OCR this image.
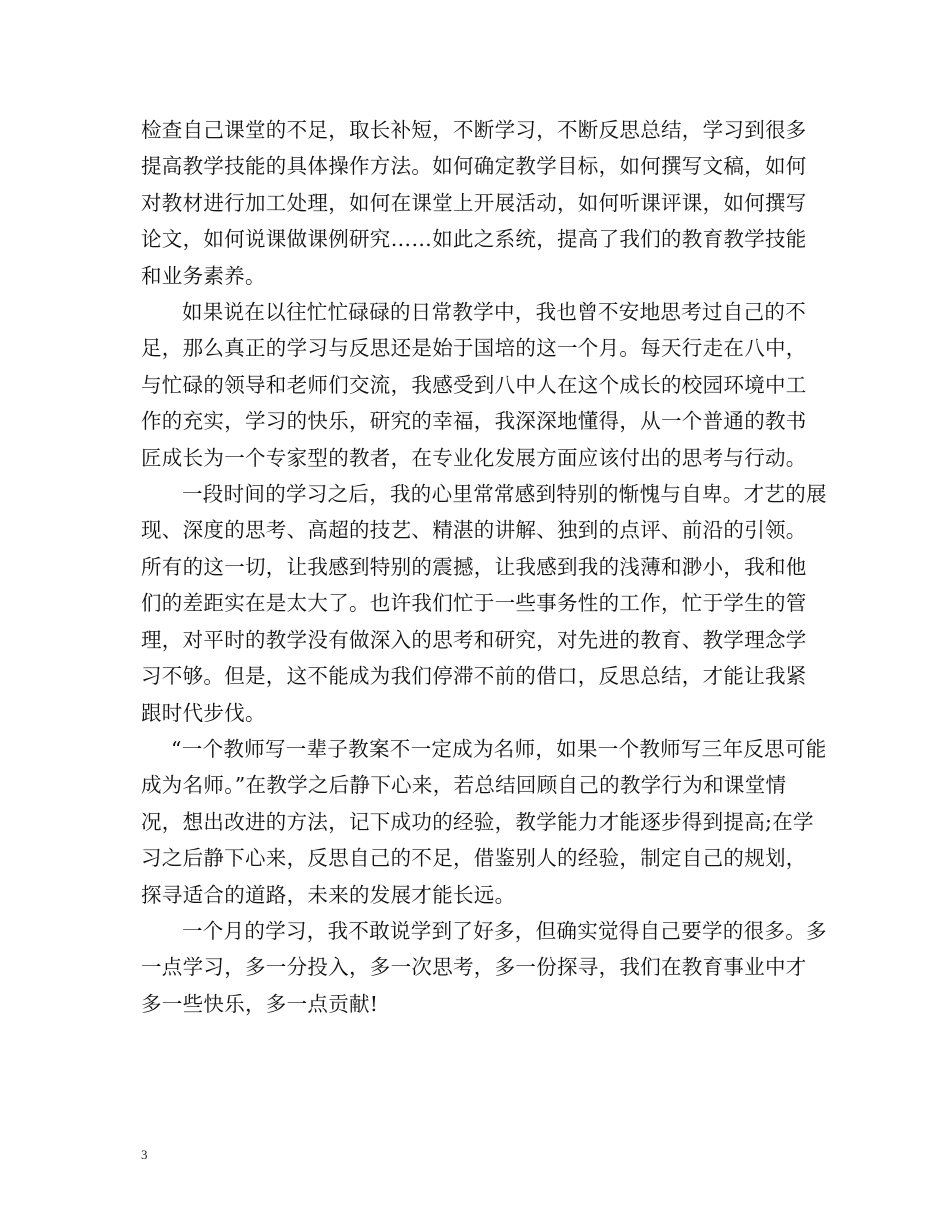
检查自己课堂的不足，取长补短，不断学习，不断反思总结，学习到很多提高教学技能的具体操作方法。如何确定教学目标，如何撰写文稿，如何对教材进行加工处理，如何在课堂上开展活动，如何听课评课，如何撰写论文，如何说课做课例研究……如此之系统，提高了我们的教育教学技能和业务素养。

如果说在以往忙忙碌碌的日常教学中，我也曾不安地思考过自己的不足，那么真正的学习与反思还是始于国培的这一个月。每天行走在八中，与忙碌的领导和老师们交流，我感受到八中人在这个成长的校园环境中工作的充实，学习的快乐，研究的幸福，我深深地懂得，从一个普通的教书匠成长为一个专家型的教者，在专业化发展方面应该付出的思考与行动。

一段时间的学习之后，我的心里常常感到特别的惭愧与自卑。才艺的展现、深度的思考、高超的技艺、精湛的讲解、独到的点评、前沿的引领。所有的这一切，让我感到特别的震撼，让我感到我的浅薄和渺小，我和他们的差距实在是太大了。也许我们忙于一些事务性的工作，忙于学生的管理，对平时的教学没有做深入的思考和研究，对先进的教育、教学理念学习不够。但是，这不能成为我们停滞不前的借口，反思总结，才能让我紧跟时代步伐。

“一个教师写一辈子教案不一定成为名师，如果一个教师写三年反思可能成为名师。”在教学之后静下心来，若总结回顾自己的教学行为和课堂情况，想出改进的方法，记下成功的经验，教学能力才能逐步得到提高;在学习之后静下心来，反思自己的不足，借鉴别人的经验，制定自己的规划，探寻适合的道路，未来的发展才能长远。

一个月的学习，我不敢说学到了好多，但确实觉得自己要学的很多。多一点学习，多一分投入，多一次思考，多一份探寻，我们在教育事业中才多一些快乐，多一点贡献!

3
